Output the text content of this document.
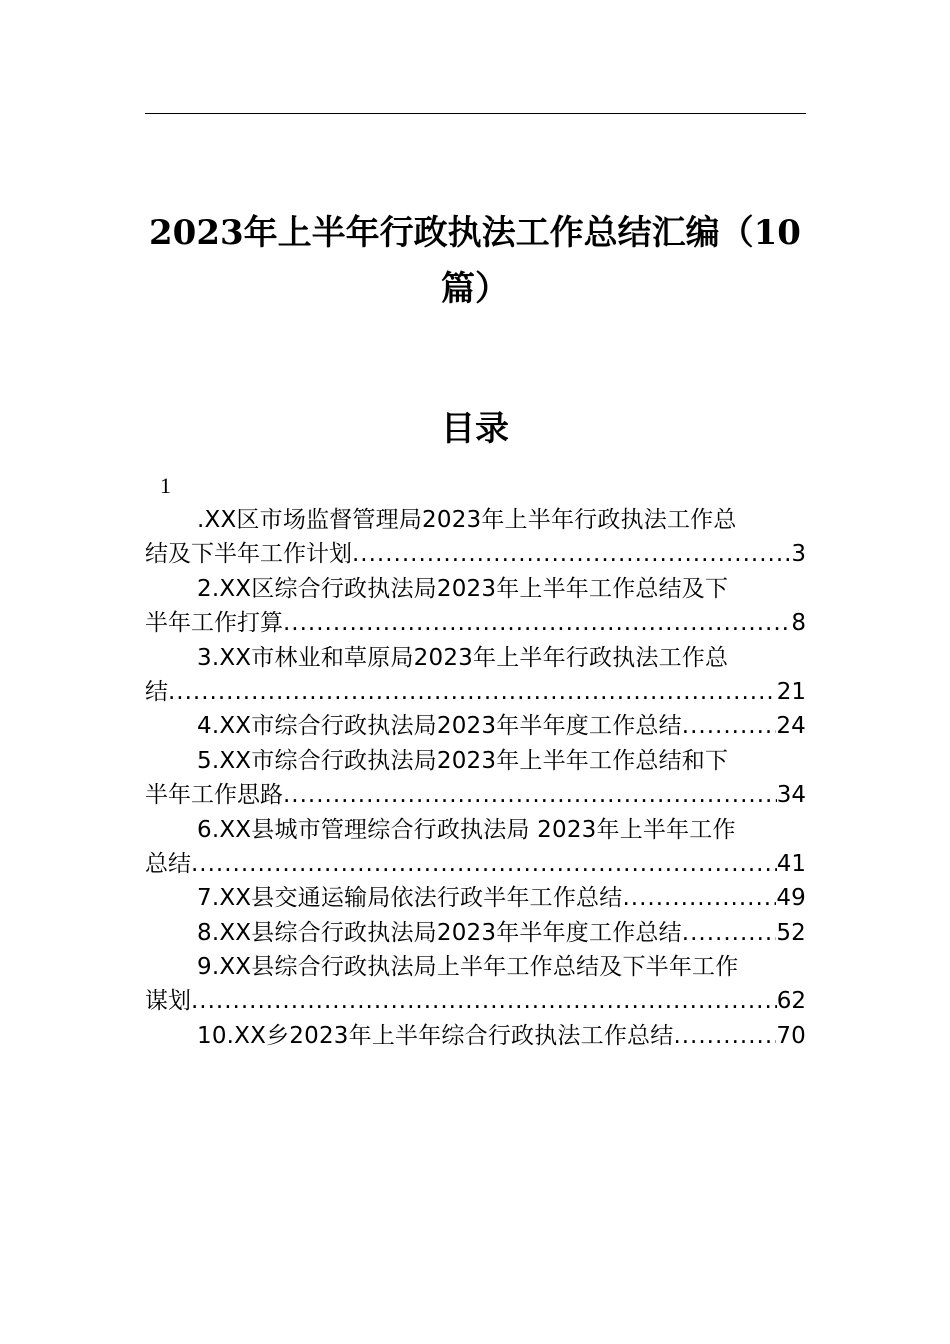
2023年上半年行政执法工作总结汇编（10
篇）
目录
1
.XX区市场监督管理局2023年上半年行政执法工作总
结及下半年工作计划 .....	3
2.XX区综合行政执法局2023年上半年工作总结及下
半年工作打算 .....	8
3.XX市林业和草原局2023年上半年行政执法工作总
结 .....	21
4.XX市综合行政执法局2023年半年度工作总结 .....	24
5.XX市综合行政执法局2023年上半年工作总结和下
半年工作思路 .....	34
6.XX县城市管理综合行政执法局 2023年上半年工作
总结 .....	41
7.XX县交通运输局依法行政半年工作总结 .....	49
8.XX县综合行政执法局2023年半年度工作总结 .....	52
9.XX县综合行政执法局上半年工作总结及下半年工作
谋划 .....	62
10.XX乡2023年上半年综合行政执法工作总结 .....	70
